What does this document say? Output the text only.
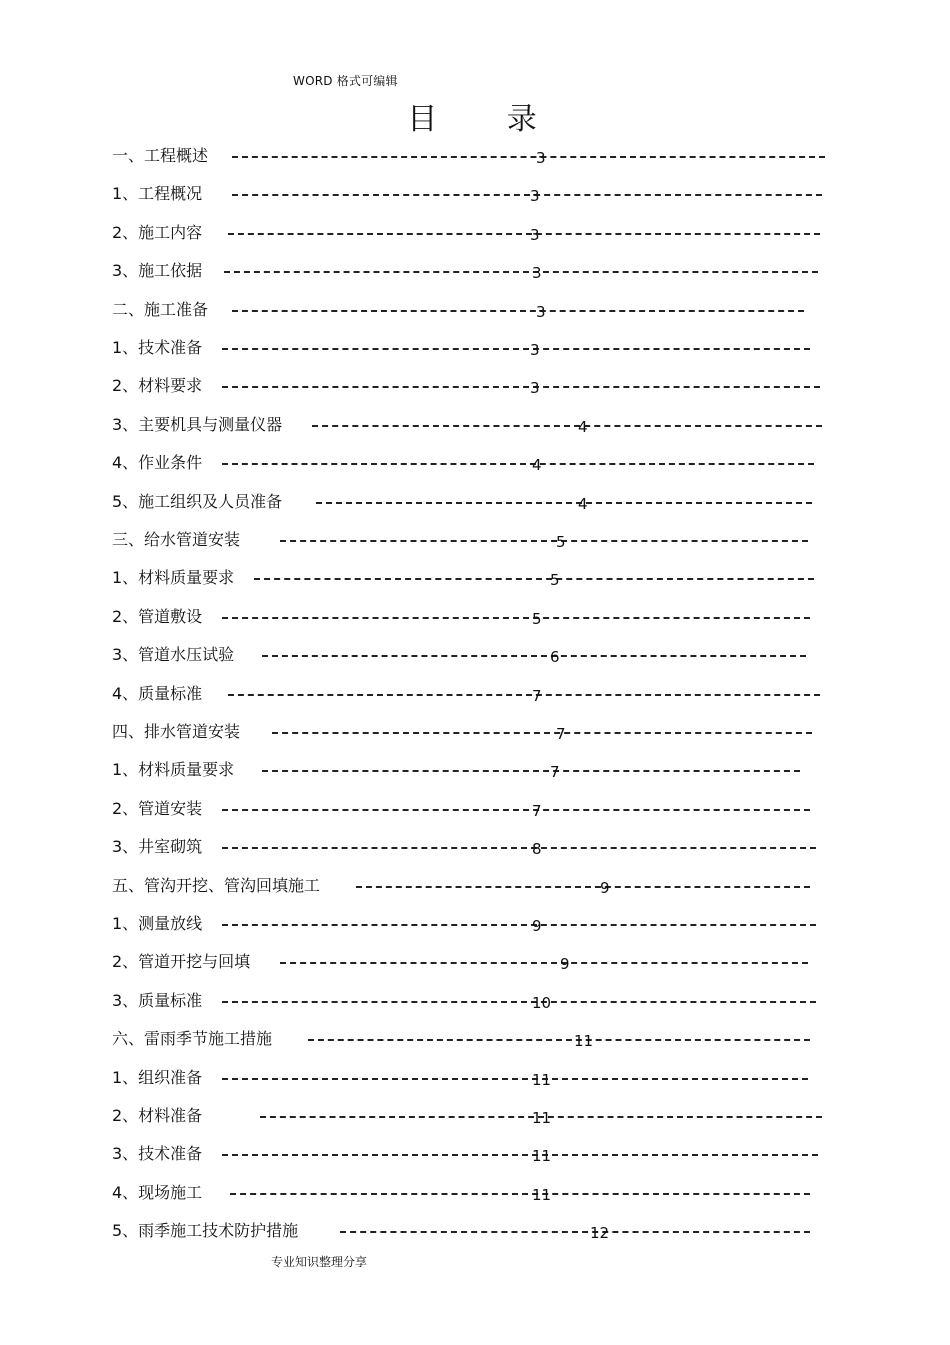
WORD 格式可编辑
目 录
一、工程概述	3
1、工程概况	3
2、施工内容	3
3、施工依据	3
二、施工准备	3
1、技术准备	3
2、材料要求	3
3、主要机具与测量仪器	4
4、作业条件	4
5、施工组织及人员准备	4
三、给水管道安装	5
1、材料质量要求	5
2、管道敷设	5
3、管道水压试验	6
4、质量标准	7
四、排水管道安装	7
1、材料质量要求	7
2、管道安装	7
3、井室砌筑	8
五、管沟开挖、管沟回填施工	9
1、测量放线	9
2、管道开挖与回填	9
3、质量标准	10
六、雷雨季节施工措施	11
1、组织准备	11
2、材料准备	11
3、技术准备	11
4、现场施工	11
5、雨季施工技术防护措施	12
专业知识整理分享
